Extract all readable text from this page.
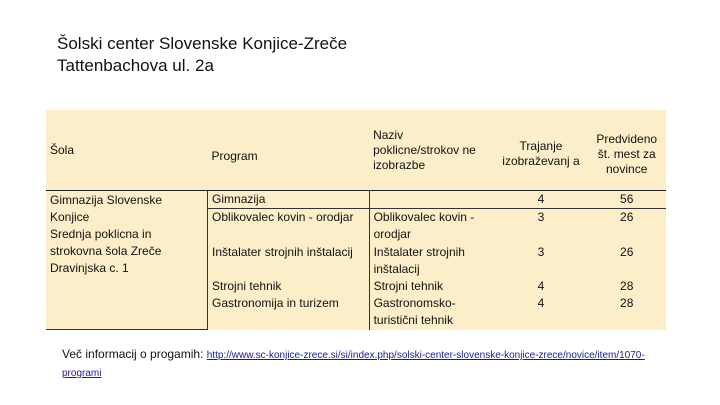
Šolski center Slovenske Konjice-Zreče
Tattenbachova ul. 2a
Šola	Program	Naziv poklicne/strokov ne izobrazbe	Trajanje izobraževanj a	Predvideno št. mest za novince

Gimnazija Slovenske Konjice
Srednja poklicna in strokovna šola Zreče
Dravinjska c. 1	Gimnazija		4	56
	Oblikovalec kovin - orodjar	Oblikovalec kovin - orodjar	3	26
	Inštalater strojnih inštalacij	Inštalater strojnih inštalacij	3	26
	Strojni tehnik	Strojni tehnik	4	28
	Gastronomija in turizem	Gastronomsko-turistični tehnik	4	28
Več informacij o progamih: http://www.sc-konjice-zrece.si/si/index.php/solski-center-slovenske-konjice-zrece/novice/item/1070-programi
